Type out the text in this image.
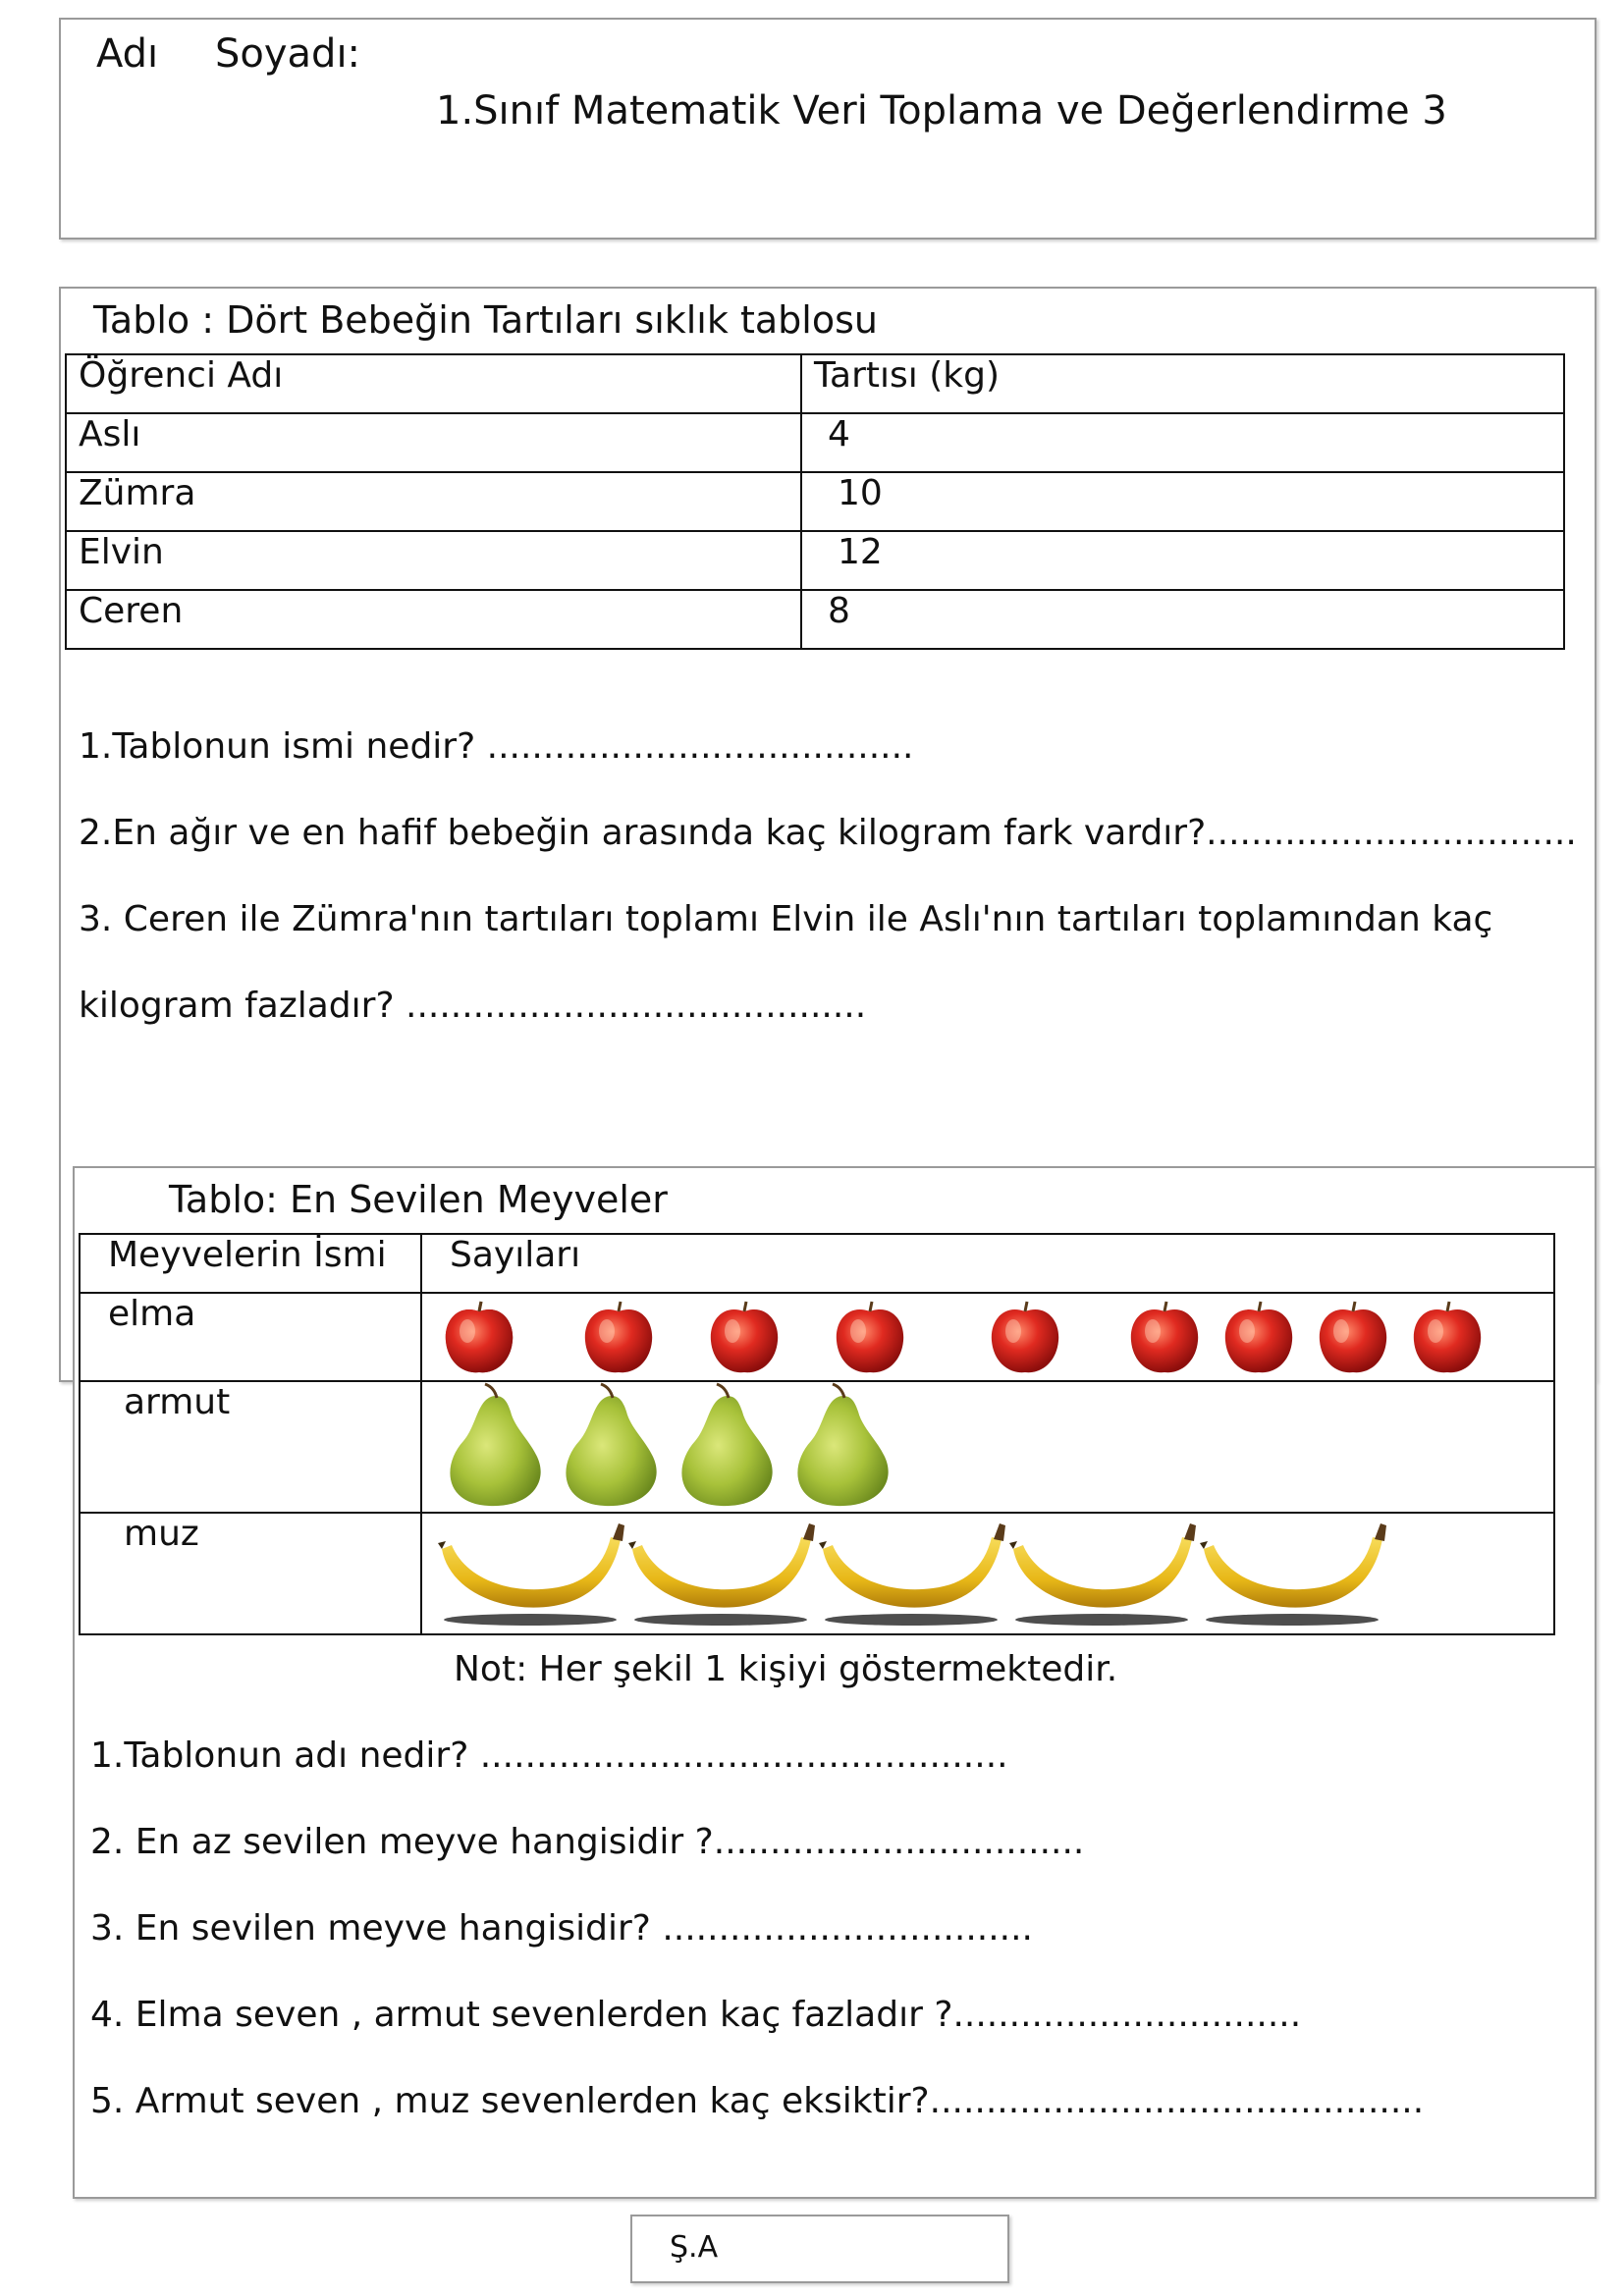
Adı Soyadı:
1.Sınıf Matematik Veri Toplama ve Değerlendirme 3
Tablo : Dört Bebeğin Tartıları sıklık tablosu
Öğrenci Adı	Tartısı (kg)
Aslı	4
Zümra	10
Elvin	12
Ceren	8
1.Tablonun ismi nedir? ......................................
2.En ağır ve en hafif bebeğin arasında kaç kilogram fark vardır?.................................
3. Ceren ile Zümra'nın tartıları toplamı Elvin ile Aslı'nın tartıları toplamından kaç
kilogram fazladır? .........................................
Tablo: En Sevilen Meyveler
Meyvelerin İsmi	Sayıları
elma	

armut	

muz	
Not: Her şekil 1 kişiyi göstermektedir.
1.Tablonun adı nedir? ...............................................
2. En az sevilen meyve hangisidir ?.................................
3. En sevilen meyve hangisidir? .................................
4. Elma seven , armut sevenlerden kaç fazladır ?...............................
5. Armut seven , muz sevenlerden kaç eksiktir?............................................
Ş.A
